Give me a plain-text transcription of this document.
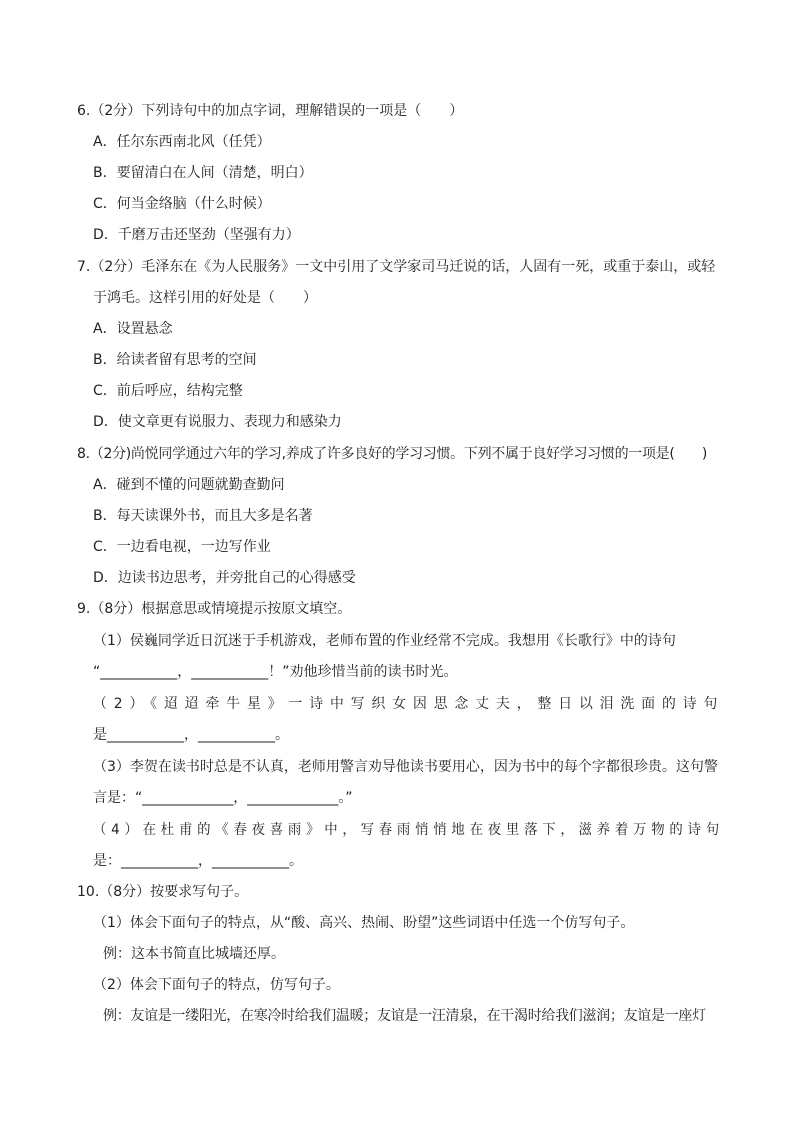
6.（2分）下列诗句中的加点字词，理解错误的一项是（　　）
A．任尔东西南北风（任凭）
B．要留清白在人间（清楚，明白）
C．何当金络脑（什么时候）
D．千磨万击还坚劲（坚强有力）
7.（2分）毛泽东在《为人民服务》一文中引用了文学家司马迁说的话，人固有一死，或重于泰山，或轻
于鸿毛。这样引用的好处是（　　）
A．设置悬念
B．给读者留有思考的空间
C．前后呼应，结构完整
D．使文章更有说服力、表现力和感染力
8.（2分)尚悦同学通过六年的学习,养成了许多良好的学习习惯。下列不属于良好学习习惯的一项是(　　)
A．碰到不懂的问题就勤查勤问
B．每天读课外书，而且大多是名著
C．一边看电视，一边写作业
D．边读书边思考，并旁批自己的心得感受
9.（8分）根据意思或情境提示按原文填空。
（1）侯巍同学近日沉迷于手机游戏，老师布置的作业经常不完成。我想用《长歌行》中的诗句
“___________，___________！”劝他珍惜当前的读书时光。
（2）《迢迢牵牛星》一诗中写织女因思念丈夫，整日以泪洗面的诗句
是___________，___________。
（3）李贺在读书时总是不认真，老师用警言劝导他读书要用心，因为书中的每个字都很珍贵。这句警
言是：“_____________，_____________。”
（4）在杜甫的《春夜喜雨》中，写春雨悄悄地在夜里落下，滋养着万物的诗句
是：___________，___________。
10.（8分）按要求写句子。
（1）体会下面句子的特点，从“酸、高兴、热闹、盼望”这些词语中任选一个仿写句子。
例：这本书简直比城墙还厚。
（2）体会下面句子的特点，仿写句子。
例：友谊是一缕阳光，在寒冷时给我们温暖；友谊是一汪清泉，在干渴时给我们滋润；友谊是一座灯
